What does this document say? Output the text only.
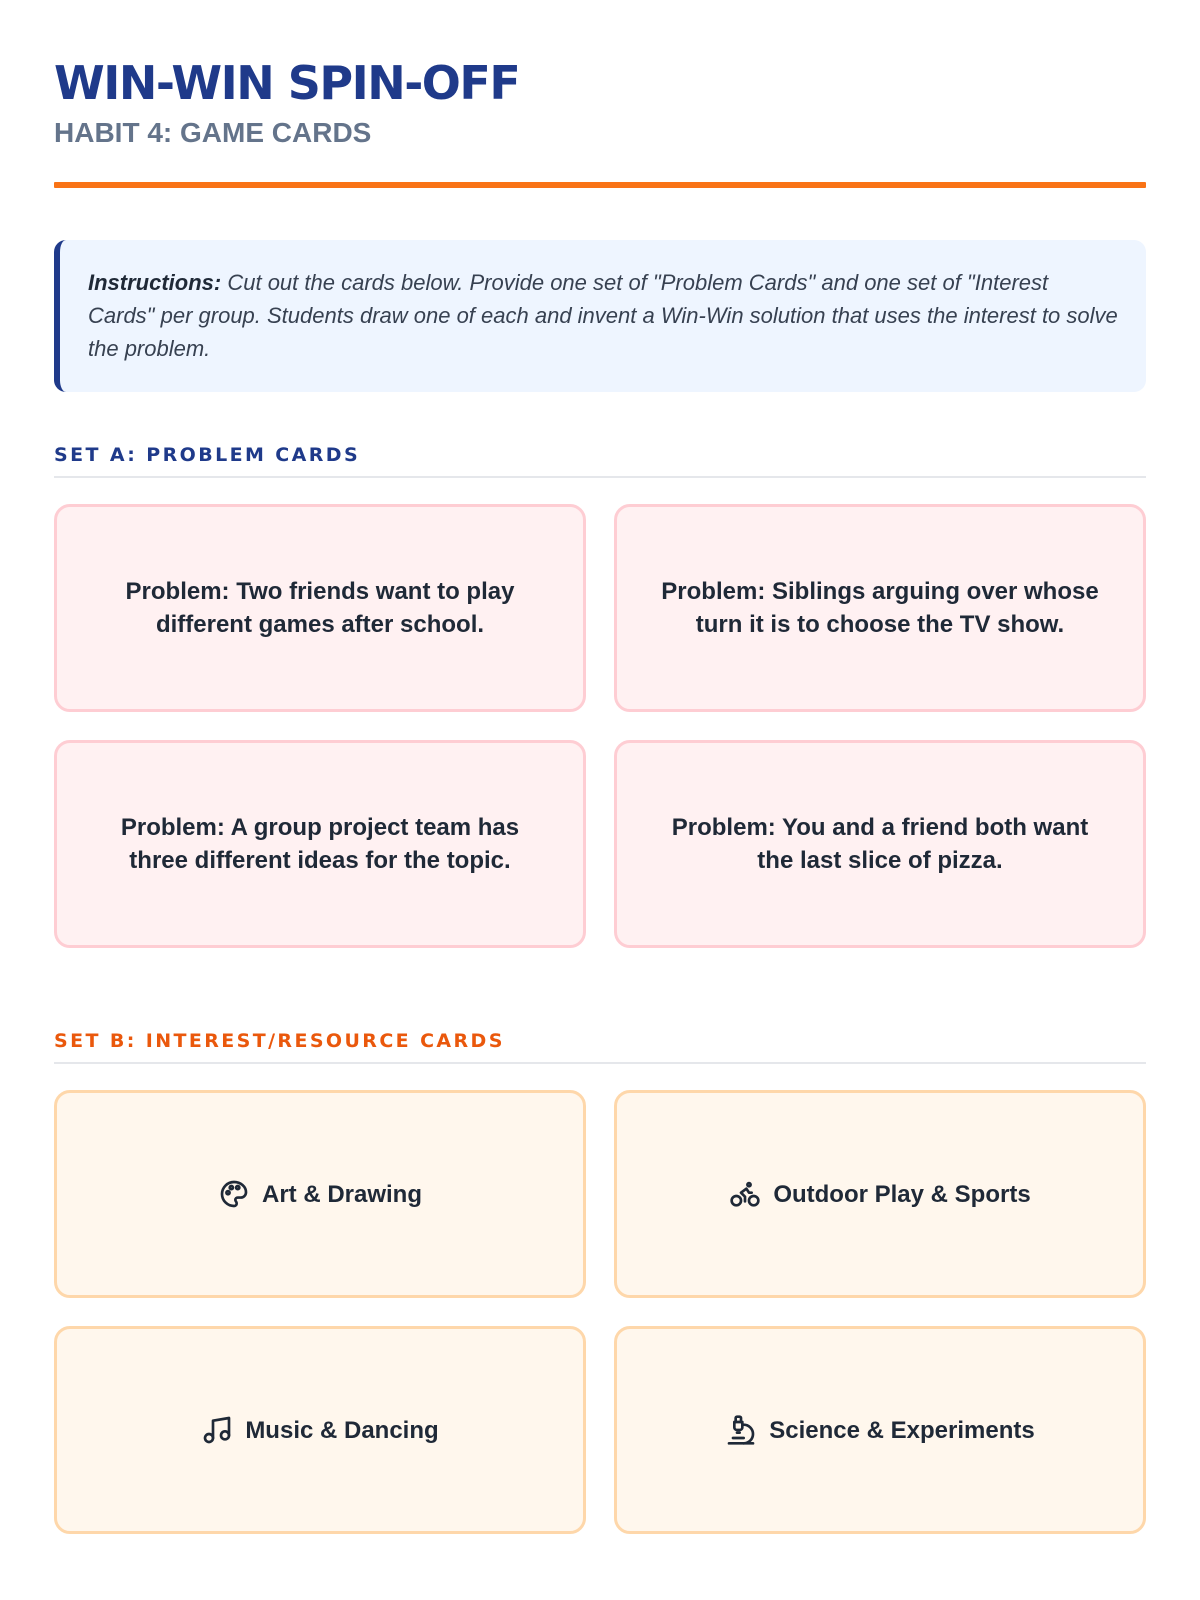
WIN-WIN SPIN-OFF
HABIT 4: GAME CARDS
Instructions: Cut out the cards below. Provide one set of "Problem Cards" and one set of "Interest Cards" per group. Students draw one of each and invent a Win-Win solution that uses the interest to solve the problem.
SET A: PROBLEM CARDS
Problem: Two friends want to play different games after school.
Problem: Siblings arguing over whose turn it is to choose the TV show.
Problem: A group project team has three different ideas for the topic.
Problem: You and a friend both want the last slice of pizza.
SET B: INTEREST/RESOURCE CARDS
Art & Drawing	Outdoor Play & Sports
Music & Dancing	Science & Experiments
